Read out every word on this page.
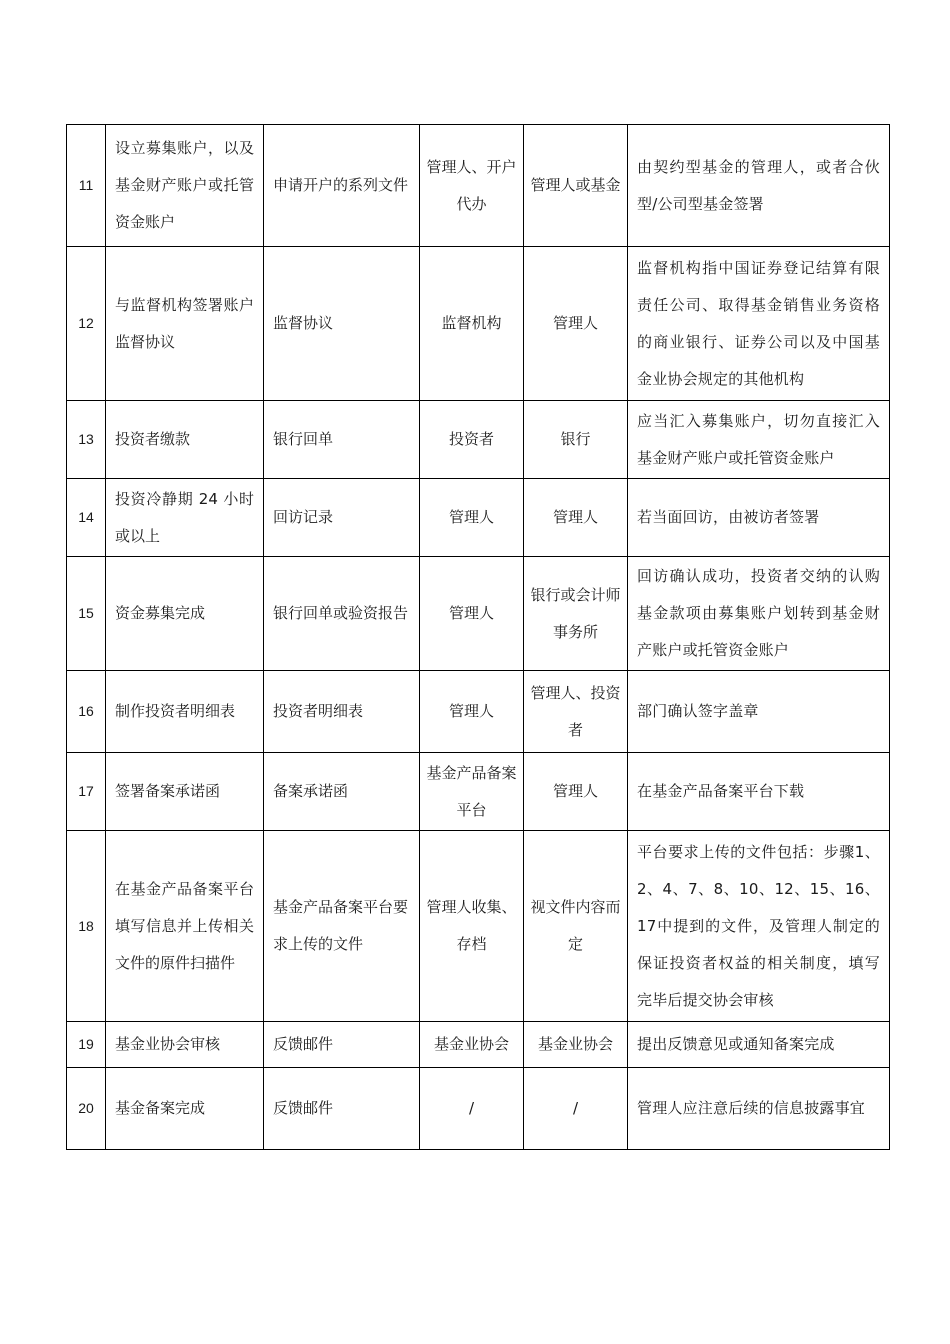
11	设立募集账户，以及基金财产账户或托管资金账户	申请开户的系列文件	管理人、开户代办	管理人或基金	由契约型基金的管理人，或者合伙型/公司型基金签署
12	与监督机构签署账户监督协议	监督协议	监督机构	管理人	监督机构指中国证券登记结算有限责任公司、取得基金销售业务资格的商业银行、证券公司以及中国基金业协会规定的其他机构
13	投资者缴款	银行回单	投资者	银行	应当汇入募集账户，切勿直接汇入基金财产账户或托管资金账户
14	投资冷静期 24 小时或以上	回访记录	管理人	管理人	若当面回访，由被访者签署
15	资金募集完成	银行回单或验资报告	管理人	银行或会计师事务所	回访确认成功，投资者交纳的认购基金款项由募集账户划转到基金财产账户或托管资金账户
16	制作投资者明细表	投资者明细表	管理人	管理人、投资者	部门确认签字盖章
17	签署备案承诺函	备案承诺函	基金产品备案平台	管理人	在基金产品备案平台下载
18	在基金产品备案平台填写信息并上传相关文件的原件扫描件	基金产品备案平台要求上传的文件	管理人收集、存档	视文件内容而定	平台要求上传的文件包括：步骤1、2、4、7、8、10、12、15、16、17中提到的文件，及管理人制定的保证投资者权益的相关制度，填写完毕后提交协会审核
19	基金业协会审核	反馈邮件	基金业协会	基金业协会	提出反馈意见或通知备案完成
20	基金备案完成	反馈邮件	/	/	管理人应注意后续的信息披露事宜
